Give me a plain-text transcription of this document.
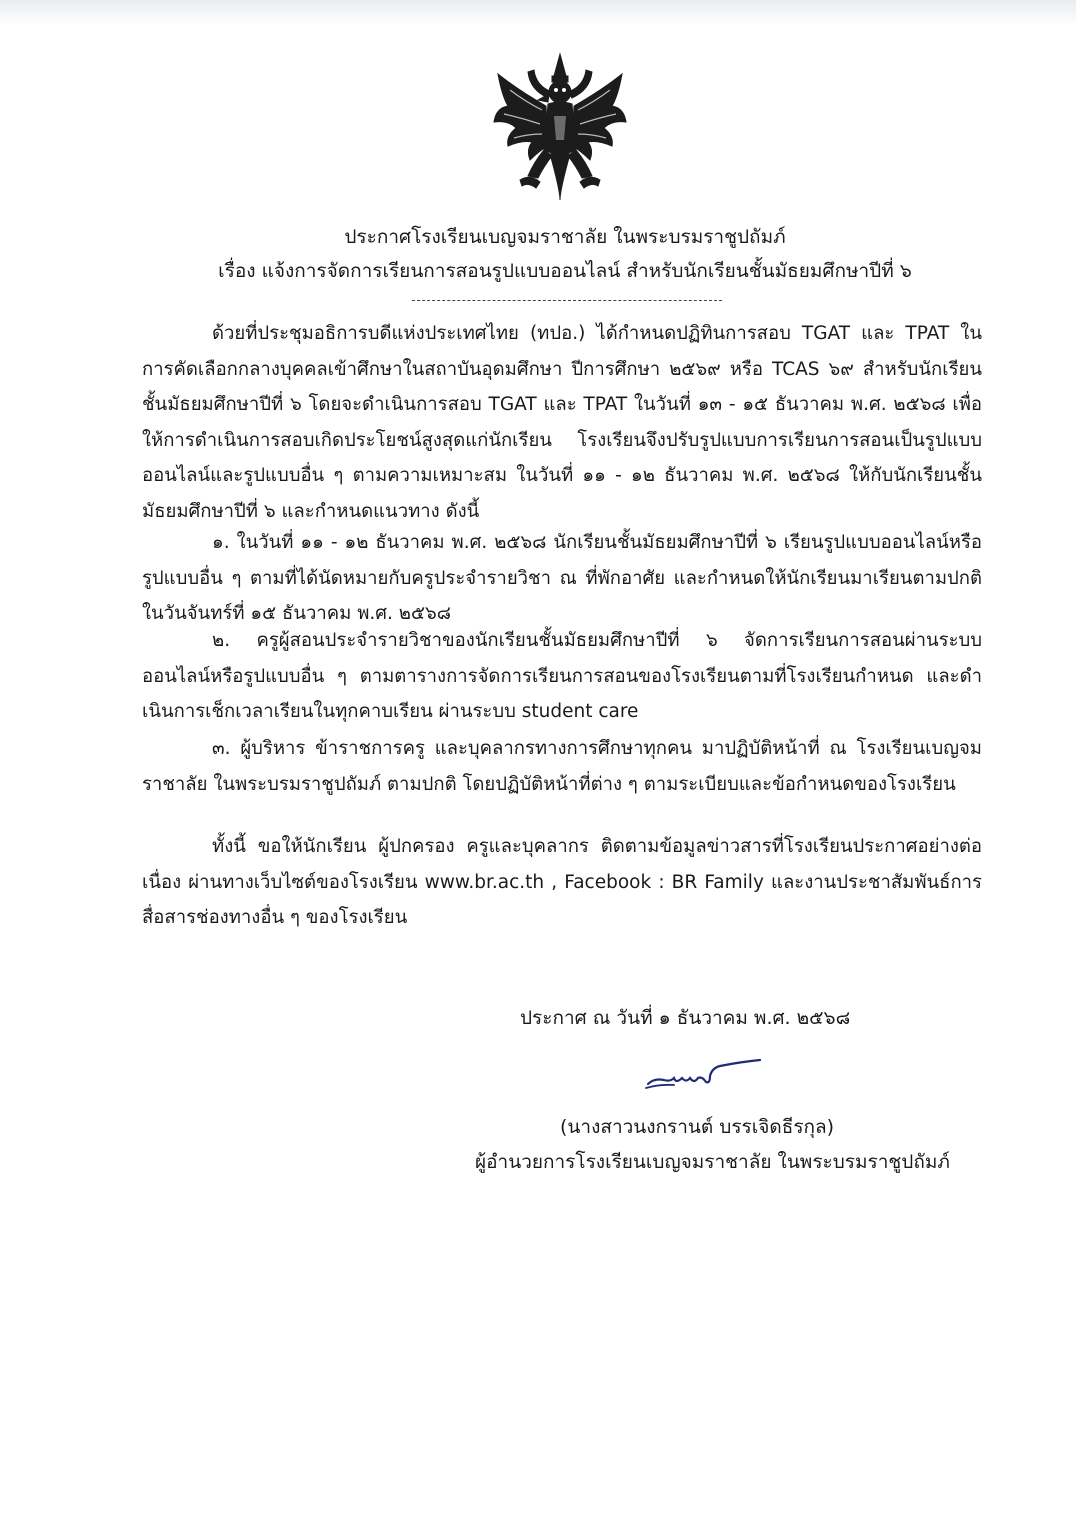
ประกาศโรงเรียนเบญจมราชาลัย ในพระบรมราชูปถัมภ์
เรื่อง แจ้งการจัดการเรียนการสอนรูปแบบออนไลน์ สำหรับนักเรียนชั้นมัธยมศึกษาปีที่ ๖

ด้วยที่ประชุมอธิการบดีแห่งประเทศไทย (ทปอ.) ได้กำหนดปฏิทินการสอบ TGAT และ TPAT ในการคัดเลือกกลางบุคคลเข้าศึกษาในสถาบันอุดมศึกษา ปีการศึกษา ๒๕๖๙ หรือ TCAS ๖๙ สำหรับนักเรียนชั้นมัธยมศึกษาปีที่ ๖ โดยจะดำเนินการสอบ TGAT และ TPAT ในวันที่ ๑๓ - ๑๕ ธันวาคม พ.ศ. ๒๕๖๘ เพื่อให้การดำเนินการสอบเกิดประโยชน์สูงสุดแก่นักเรียน โรงเรียนจึงปรับรูปแบบการเรียนการสอนเป็นรูปแบบออนไลน์และรูปแบบอื่น ๆ ตามความเหมาะสม ในวันที่ ๑๑ - ๑๒ ธันวาคม พ.ศ. ๒๕๖๘ ให้กับนักเรียนชั้นมัธยมศึกษาปีที่ ๖ และกำหนดแนวทาง ดังนี้

๑. ในวันที่ ๑๑ - ๑๒ ธันวาคม พ.ศ. ๒๕๖๘ นักเรียนชั้นมัธยมศึกษาปีที่ ๖ เรียนรูปแบบออนไลน์หรือรูปแบบอื่น ๆ ตามที่ได้นัดหมายกับครูประจำรายวิชา ณ ที่พักอาศัย และกำหนดให้นักเรียนมาเรียนตามปกติในวันจันทร์ที่ ๑๕ ธันวาคม พ.ศ. ๒๕๖๘

๒. ครูผู้สอนประจำรายวิชาของนักเรียนชั้นมัธยมศึกษาปีที่ ๖ จัดการเรียนการสอนผ่านระบบออนไลน์หรือรูปแบบอื่น ๆ ตามตารางการจัดการเรียนการสอนของโรงเรียนตามที่โรงเรียนกำหนด และดำเนินการเช็กเวลาเรียนในทุกคาบเรียน ผ่านระบบ student care

๓. ผู้บริหาร ข้าราชการครู และบุคลากรทางการศึกษาทุกคน มาปฏิบัติหน้าที่ ณ โรงเรียนเบญจมราชาลัย ในพระบรมราชูปถัมภ์ ตามปกติ โดยปฏิบัติหน้าที่ต่าง ๆ ตามระเบียบและข้อกำหนดของโรงเรียน

ทั้งนี้ ขอให้นักเรียน ผู้ปกครอง ครูและบุคลากร ติดตามข้อมูลข่าวสารที่โรงเรียนประกาศอย่างต่อเนื่อง ผ่านทางเว็บไซต์ของโรงเรียน www.br.ac.th , Facebook : BR Family และงานประชาสัมพันธ์การสื่อสารช่องทางอื่น ๆ ของโรงเรียน

ประกาศ ณ วันที่ ๑ ธันวาคม พ.ศ. ๒๕๖๘
(นางสาวนงกรานต์ บรรเจิดธีรกุล)
ผู้อำนวยการโรงเรียนเบญจมราชาลัย ในพระบรมราชูปถัมภ์
